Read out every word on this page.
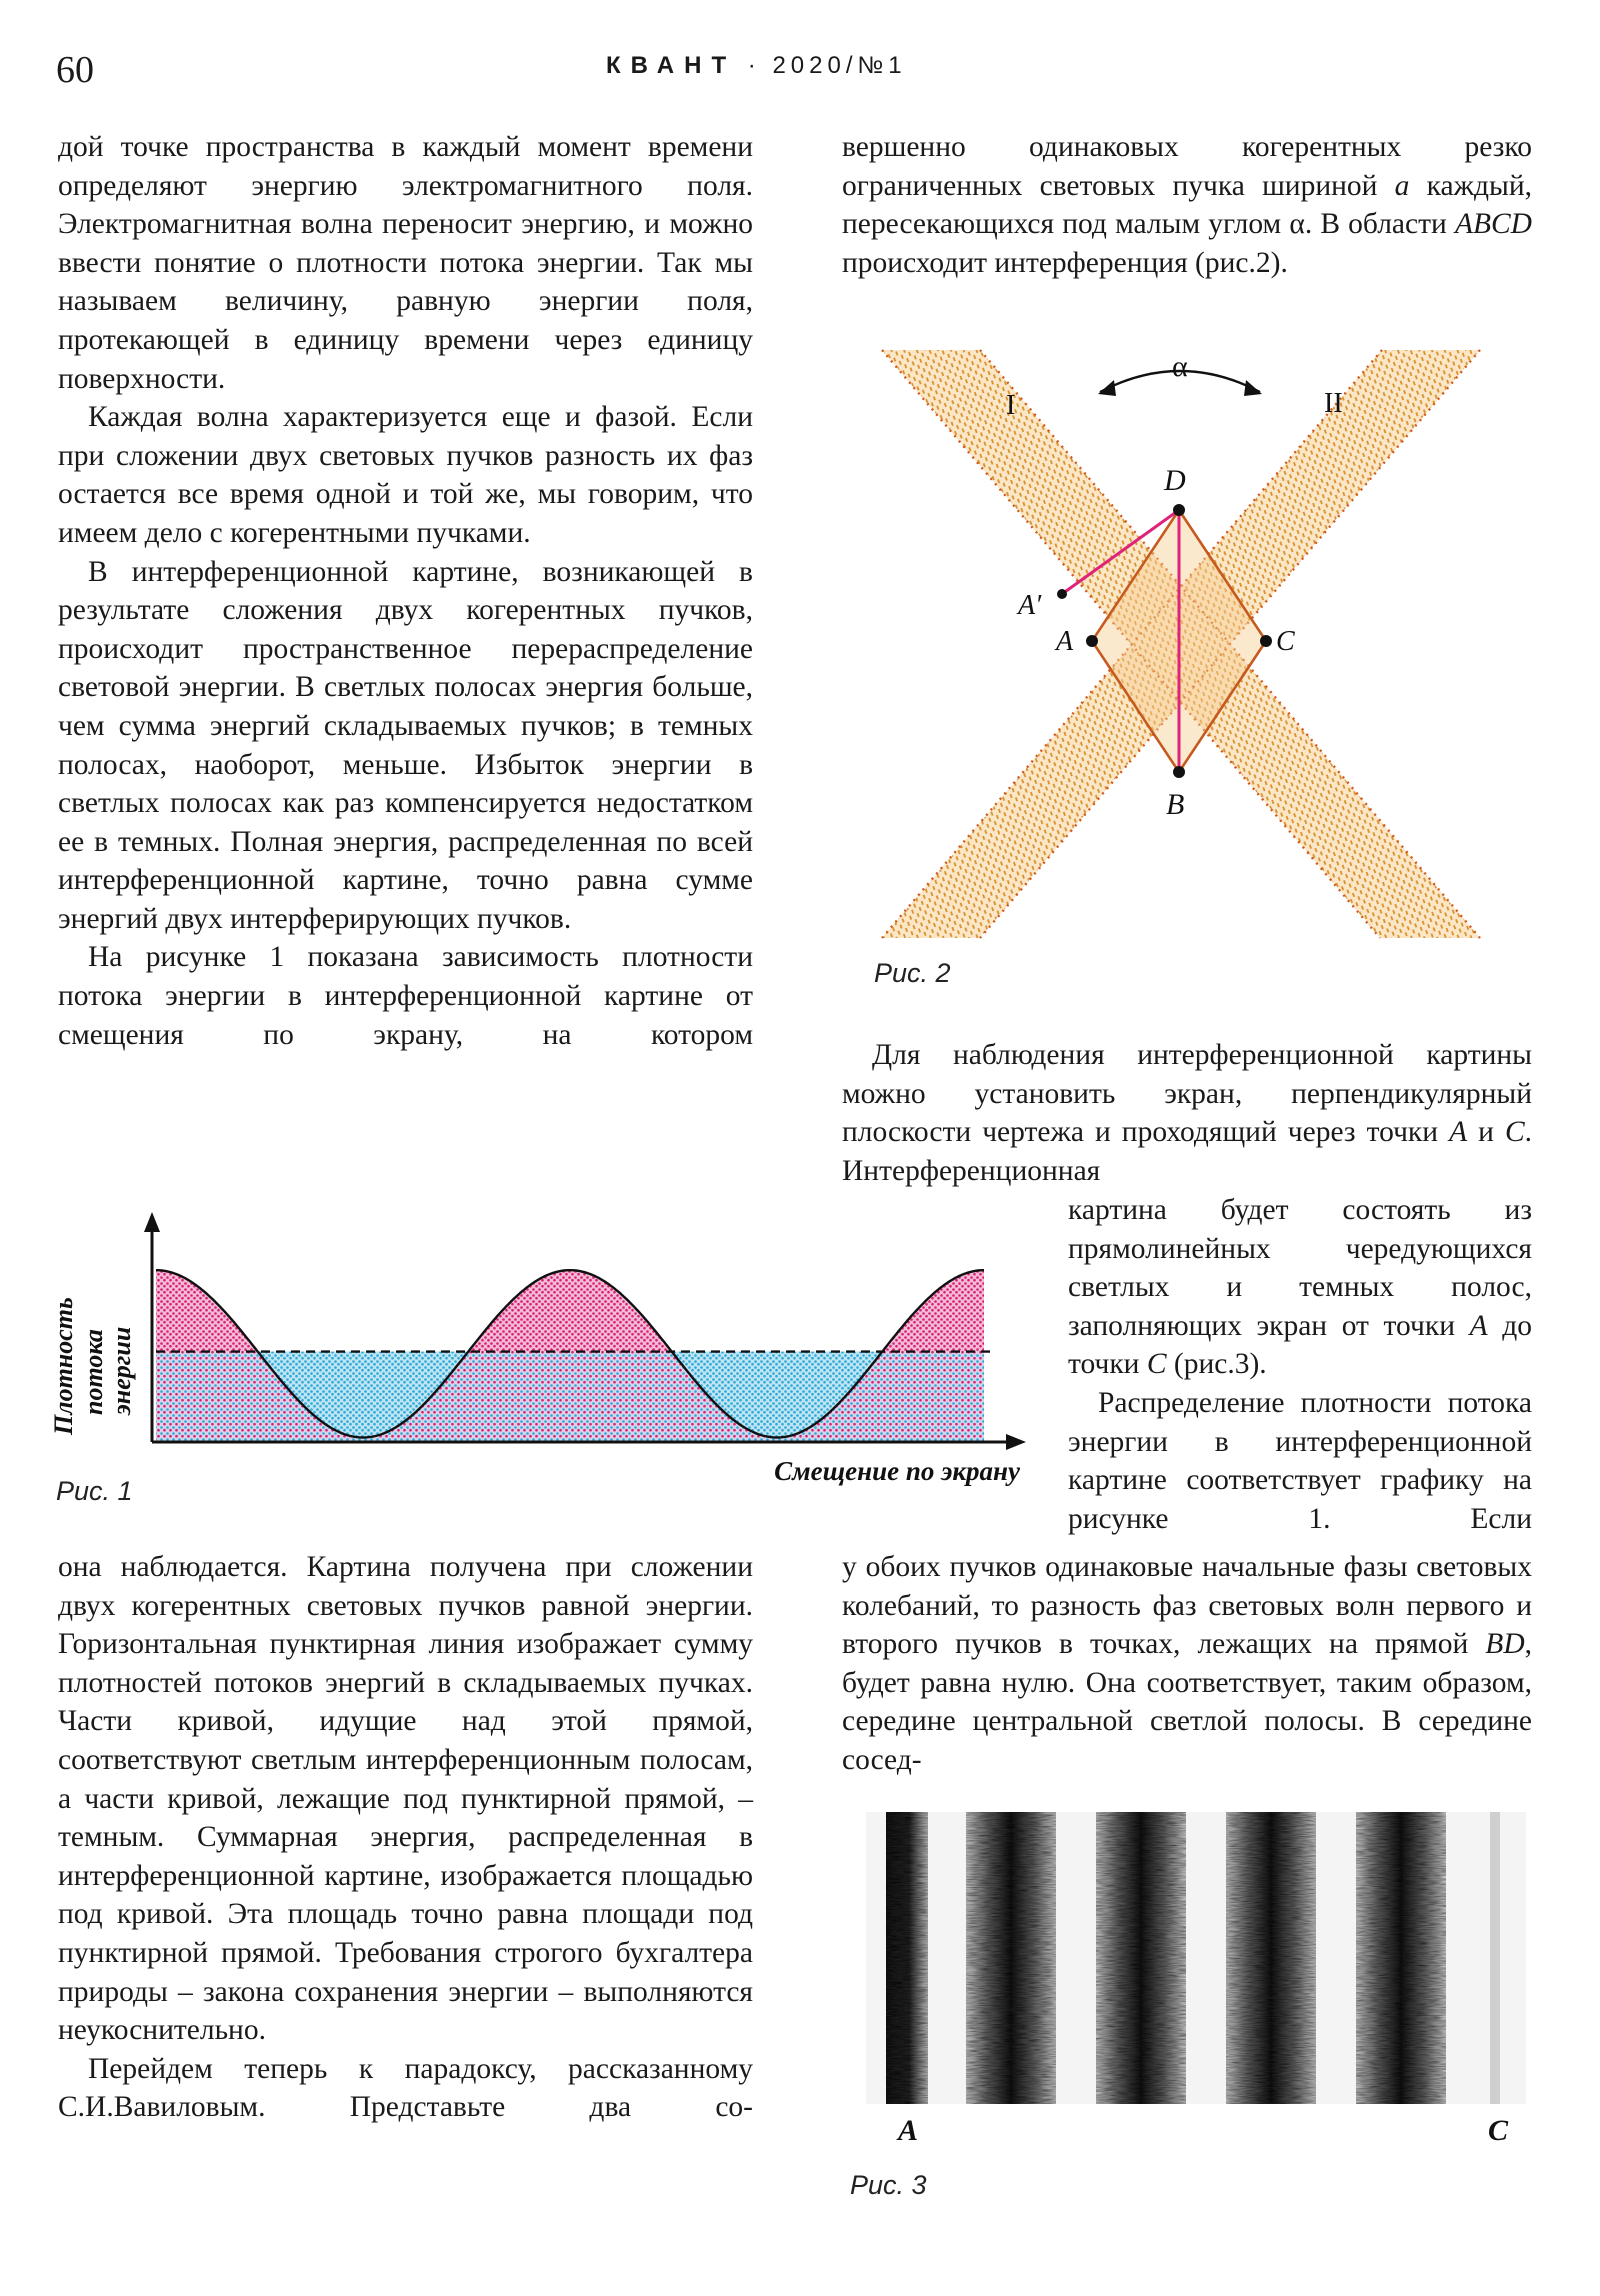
60	КВАНТ · 2020/№1

дой точке пространства в каждый момент времени определяют энергию электромагнитного поля. Электромагнитная волна переносит энергию, и можно ввести понятие о плотности потока энергии. Так мы называем величину, равную энергии поля, протекающей в единицу времени через единицу поверхности.

Каждая волна характеризуется еще и фазой. Если при сложении двух световых пучков разность их фаз остается все время одной и той же, мы говорим, что имеем дело с когерентными пучками.

В интерференционной картине, возникающей в результате сложения двух когерентных пучков, происходит пространственное перераспределение световой энергии. В светлых полосах энергия больше, чем сумма энергий складываемых пучков; в темных полосах, наоборот, меньше. Избыток энергии в светлых полосах как раз компенсируется недостатком ее в темных. Полная энергия, распределенная по всей интерференционной картине, точно равна сумме энергий двух интерферирующих пучков.

На рисунке 1 показана зависимость плотности потока энергии в интерференционной картине от смещения по экрану, на котором

Плотность потока энергии
Смещение по экрану
Рис. 1

она наблюдается. Картина получена при сложении двух когерентных световых пучков равной энергии. Горизонтальная пунктирная линия изображает сумму плотностей потоков энергий в складываемых пучках. Части кривой, идущие над этой прямой, соответствуют светлым интерференционным полосам, а части кривой, лежащие под пунктирной прямой, – темным. Суммарная энергия, распределенная в интерференционной картине, изображается площадью под кривой. Эта площадь точно равна площади под пунктирной прямой. Требования строгого бухгалтера природы – закона сохранения энергии – выполняются неукоснительно.

Перейдем теперь к парадоксу, рассказанному С.И.Вавиловым. Представьте два со-

вершенно одинаковых когерентных резко ограниченных световых пучка шириной a каждый, пересекающихся под малым углом α. В области ABCD происходит интерференция (рис.2).

α
I	II
D
A′
A	C
B
Рис. 2

Для наблюдения интерференционной картины можно установить экран, перпендикулярный плоскости чертежа и проходящий через точки A и C. Интерференционная

картина будет состоять из прямолинейных чередующихся светлых и темных полос, заполняющих экран от точки A до точки C (рис.3).

Распределение плотности потока энергии в интерференционной картине соответствует графику на рисунке 1. Если

у обоих пучков одинаковые начальные фазы световых колебаний, то разность фаз световых волн первого и второго пучков в точках, лежащих на прямой BD, будет равна нулю. Она соответствует, таким образом, середине центральной светлой полосы. В середине сосед-

A	C
Рис. 3
